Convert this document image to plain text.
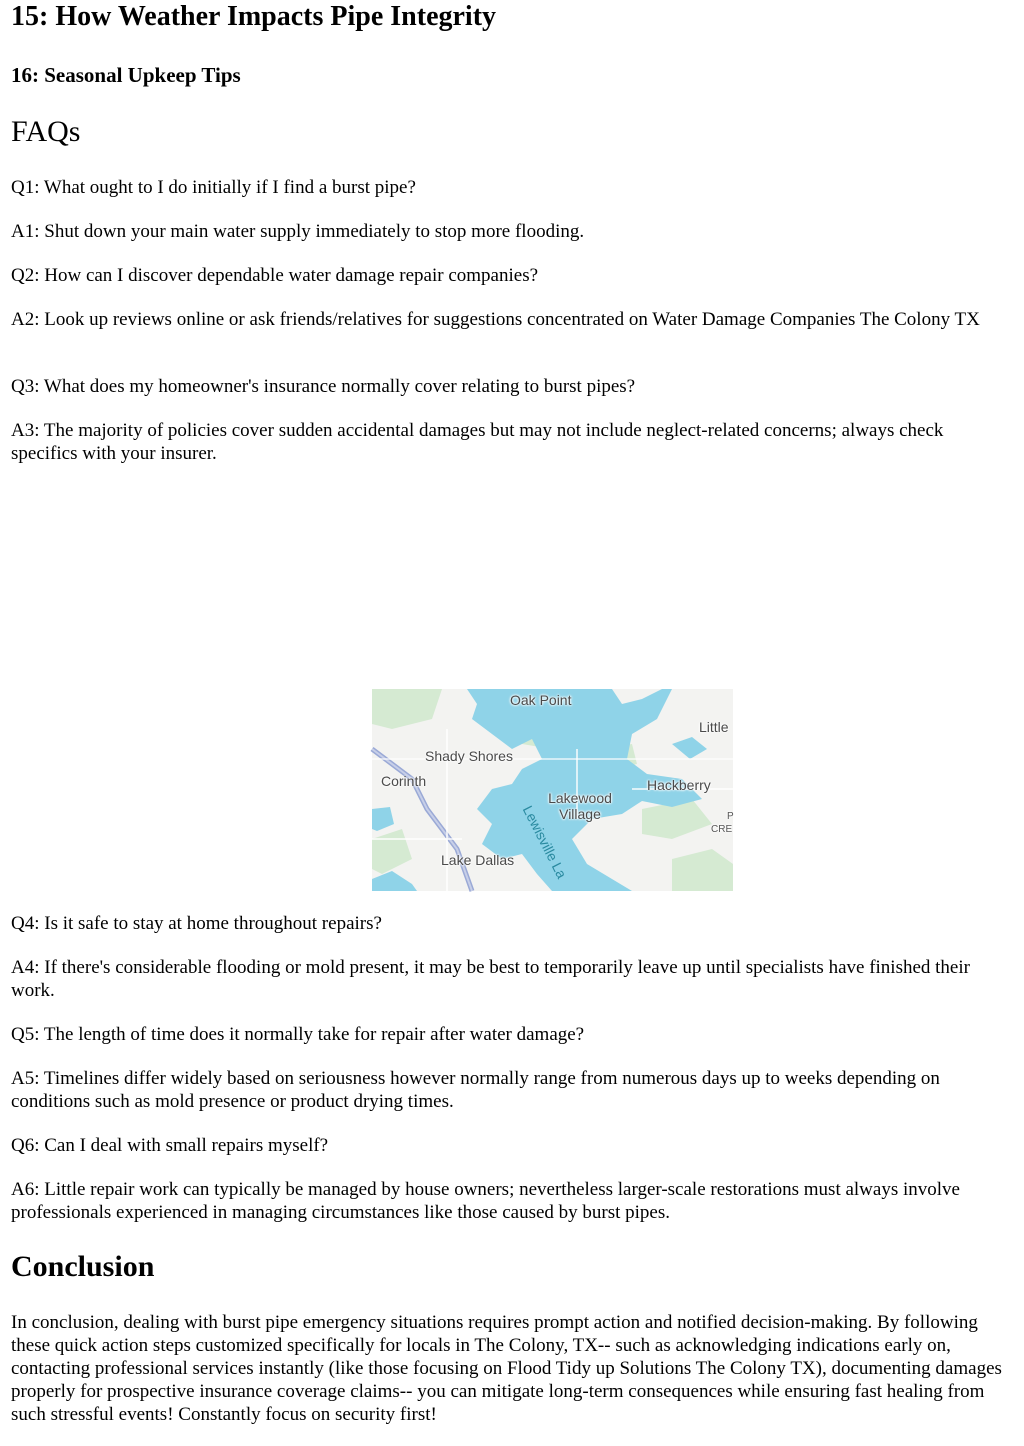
15: How Weather Impacts Pipe Integrity
16: Seasonal Upkeep Tips
FAQs

Q1: What ought to I do initially if I find a burst pipe?

A1: Shut down your main water supply immediately to stop more flooding.

Q2: How can I discover dependable water damage repair companies?

A2: Look up reviews online or ask friends/relatives for suggestions concentrated on Water Damage Companies The Colony TX

Q3: What does my homeowner's insurance normally cover relating to burst pipes?

A3: The majority of policies cover sudden accidental damages but may not include neglect-related concerns; always check specifics with your insurer.

Oak Point
Little
Shady Shores
Corinth	Hackberry
Lakewood
Village
Lake Dallas Lewisville La	P
CRE

Q4: Is it safe to stay at home throughout repairs?

A4: If there's considerable flooding or mold present, it may be best to temporarily leave up until specialists have finished their work.

Q5: The length of time does it normally take for repair after water damage?

A5: Timelines differ widely based on seriousness however normally range from numerous days up to weeks depending on conditions such as mold presence or product drying times.

Q6: Can I deal with small repairs myself?

A6: Little repair work can typically be managed by house owners; nevertheless larger-scale restorations must always involve professionals experienced in managing circumstances like those caused by burst pipes.

Conclusion

In conclusion, dealing with burst pipe emergency situations requires prompt action and notified decision-making. By following these quick action steps customized specifically for locals in The Colony, TX-- such as acknowledging indications early on, contacting professional services instantly (like those focusing on Flood Tidy up Solutions The Colony TX), documenting damages properly for prospective insurance coverage claims-- you can mitigate long-term consequences while ensuring fast healing from such stressful events! Constantly focus on security first!
